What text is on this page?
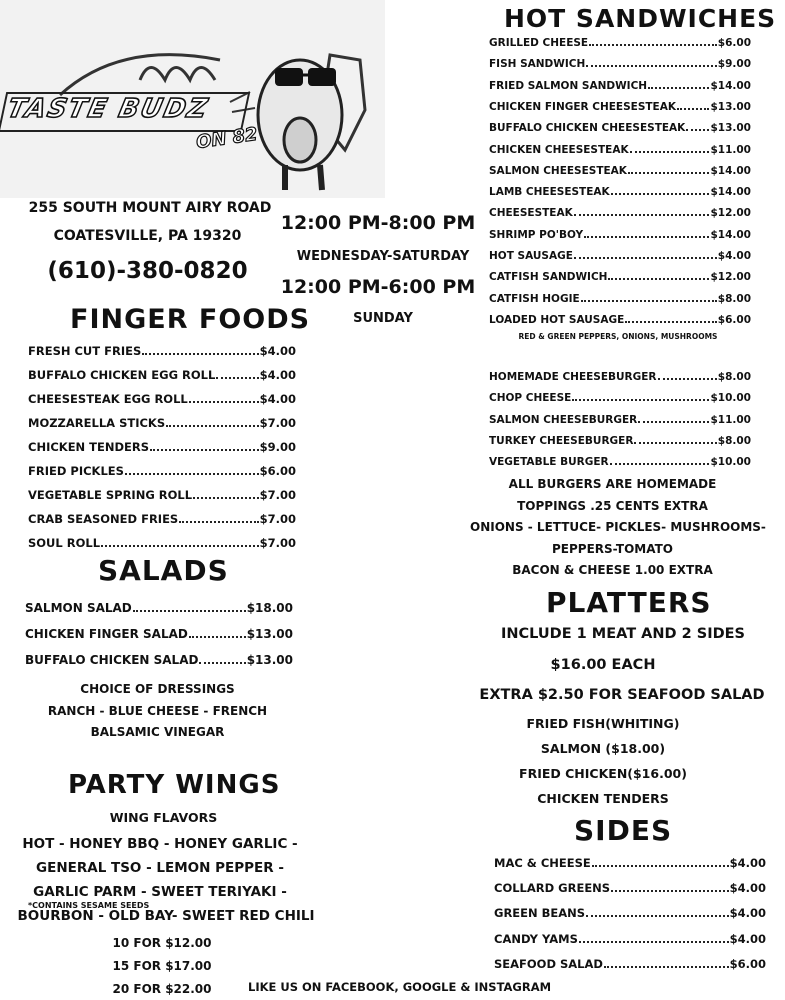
TASTE BUDZ
ON 82
255 SOUTH MOUNT AIRY ROAD
COATESVILLE, PA 19320
(610)-380-0820
12:00 PM-8:00 PM
WEDNESDAY-SATURDAY
12:00 PM-6:00 PM
SUNDAY
FINGER FOODS
FRESH CUT FRIES	$4.00
BUFFALO CHICKEN EGG ROLL	$4.00
CHEESESTEAK EGG ROLL	$4.00
MOZZARELLA STICKS	$7.00
CHICKEN TENDERS	$9.00
FRIED PICKLES	$6.00
VEGETABLE SPRING ROLL	$7.00
CRAB SEASONED FRIES	$7.00
SOUL ROLL	$7.00
SALADS
SALMON SALAD	$18.00
CHICKEN FINGER SALAD	$13.00
BUFFALO CHICKEN SALAD	$13.00
CHOICE OF DRESSINGS
RANCH - BLUE CHEESE - FRENCH
BALSAMIC VINEGAR
PARTY WINGS
WING FLAVORS
HOT - HONEY BBQ - HONEY GARLIC -
GENERAL TSO - LEMON PEPPER -
GARLIC PARM - SWEET TERIYAKI -
*CONTAINS SESAME SEEDS
BOURBON - OLD BAY- SWEET RED CHILI
10 FOR $12.00
15 FOR $17.00
20 FOR $22.00	LIKE US ON FACEBOOK, GOOGLE & INSTAGRAM
HOT SANDWICHES
GRILLED CHEESE	$6.00
FISH SANDWICH	$9.00
FRIED SALMON SANDWICH	$14.00
CHICKEN FINGER CHEESESTEAK	$13.00
BUFFALO CHICKEN CHEESESTEAK $13.00
CHICKEN CHEESESTEAK	$11.00
SALMON CHEESESTEAK	$14.00
LAMB CHEESESTEAK	$14.00
CHEESESTEAK	$12.00
SHRIMP PO'BOY	$14.00
HOT SAUSAGE	$4.00
CATFISH SANDWICH	$12.00
CATFISH HOGIE	$8.00
LOADED HOT SAUSAGE	$6.00
RED & GREEN PEPPERS, ONIONS, MUSHROOMS
HOMEMADE CHEESEBURGER	$8.00
CHOP CHEESE	$10.00
SALMON CHEESEBURGER	$11.00
TURKEY CHEESEBURGER	$8.00
VEGETABLE BURGER	$10.00
ALL BURGERS ARE HOMEMADE
TOPPINGS .25 CENTS EXTRA
ONIONS - LETTUCE- PICKLES- MUSHROOMS-
PEPPERS-TOMATO
BACON & CHEESE 1.00 EXTRA
PLATTERS
INCLUDE 1 MEAT AND 2 SIDES
$16.00 EACH
EXTRA $2.50 FOR SEAFOOD SALAD
FRIED FISH(WHITING)
SALMON ($18.00)
FRIED CHICKEN($16.00)
CHICKEN TENDERS
SIDES
MAC & CHEESE	$4.00
COLLARD GREENS	$4.00
GREEN BEANS	$4.00
CANDY YAMS	$4.00
SEAFOOD SALAD	$6.00
